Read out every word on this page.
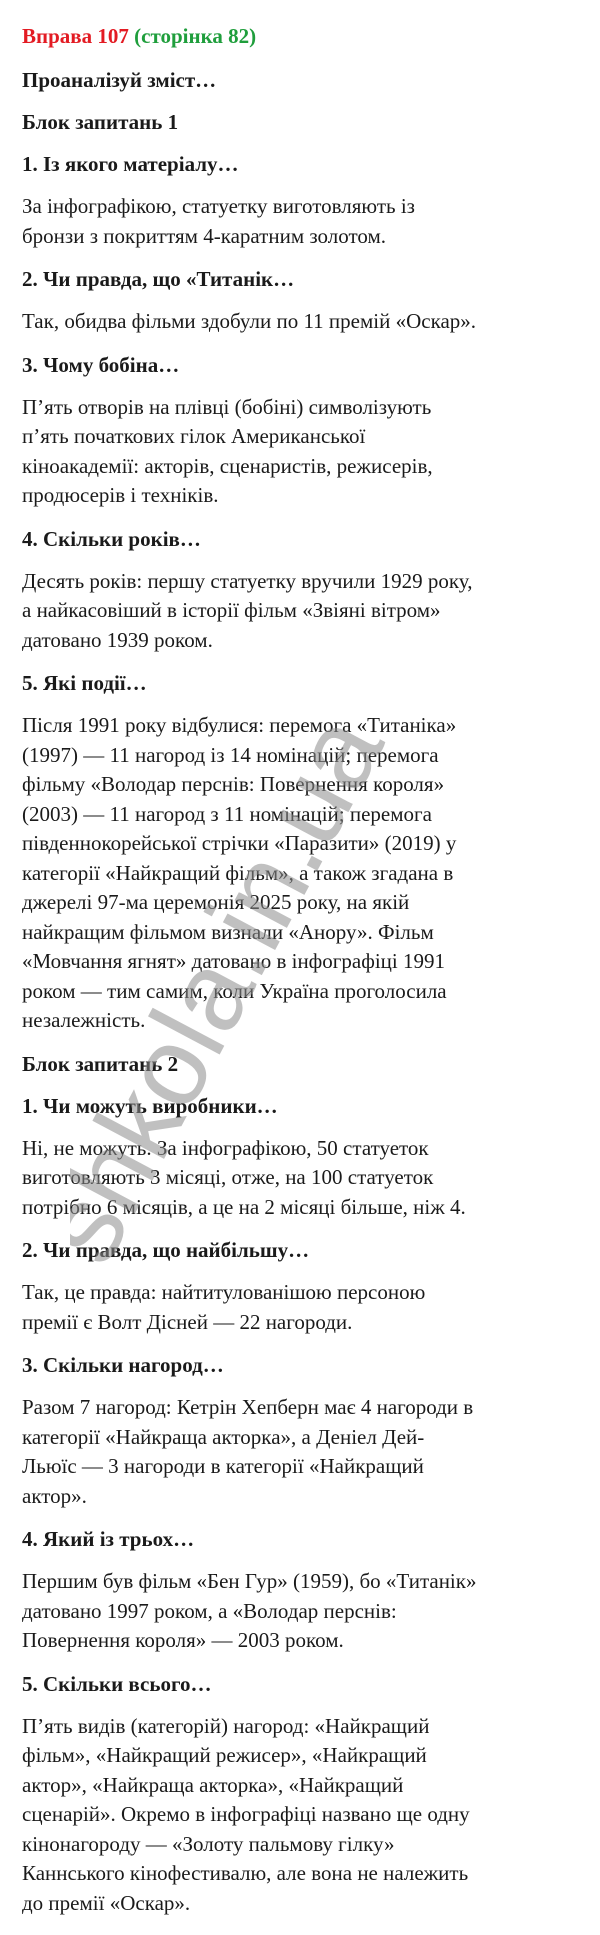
Вправа 107 (сторінка 82)
Проаналізуй зміст…
Блок запитань 1
1. Із якого матеріалу…
За інфографікою, статуетку виготовляють із
бронзи з покриттям 4-каратним золотом.
2. Чи правда, що «Титанік…
Так, обидва фільми здобули по 11 премій «Оскар».
3. Чому бобіна…
П’ять отворів на плівці (бобіні) символізують
п’ять початкових гілок Американської
кіноакадемії: акторів, сценаристів, режисерів,
продюсерів і техніків.
4. Скільки років…
Десять років: першу статуетку вручили 1929 року,
а найкасовіший в історії фільм «Звіяні вітром»
датовано 1939 роком.
5. Які події…
Після 1991 року відбулися: перемога «Титаніка»
(1997) — 11 нагород із 14 номінацій; перемога
фільму «Володар перснів: Повернення короля»
(2003) — 11 нагород з 11 номінацій; перемога
південнокорейської стрічки «Паразити» (2019) у
категорії «Найкращий фільм», а також згадана в
джерелі 97-ма церемонія 2025 року, на якій
найкращим фільмом визнали «Анору». Фільм
«Мовчання ягнят» датовано в інфографіці 1991
роком — тим самим, коли Україна проголосила
незалежність.
Блок запитань 2
1. Чи можуть виробники…
Ні, не можуть. За інфографікою, 50 статуеток
виготовляють 3 місяці, отже, на 100 статуеток
потрібно 6 місяців, а це на 2 місяці більше, ніж 4.
2. Чи правда, що найбільшу…
Так, це правда: найтитулованішою персоною
премії є Волт Дісней — 22 нагороди.
3. Скільки нагород…
Разом 7 нагород: Кетрін Хепберн має 4 нагороди в
категорії «Найкраща акторка», а Деніел Дей-
Льюїс — 3 нагороди в категорії «Найкращий
актор».
4. Який із трьох…
Першим був фільм «Бен Гур» (1959), бо «Титанік»
датовано 1997 роком, а «Володар перснів:
Повернення короля» — 2003 роком.
5. Скільки всього…
П’ять видів (категорій) нагород: «Найкращий
фільм», «Найкращий режисер», «Найкращий
актор», «Найкраща акторка», «Найкращий
сценарій». Окремо в інфографіці названо ще одну
кінонагороду — «Золоту пальмову гілку»
Каннського кінофестивалю, але вона не належить
до премії «Оскар».
shkola.in.ua
